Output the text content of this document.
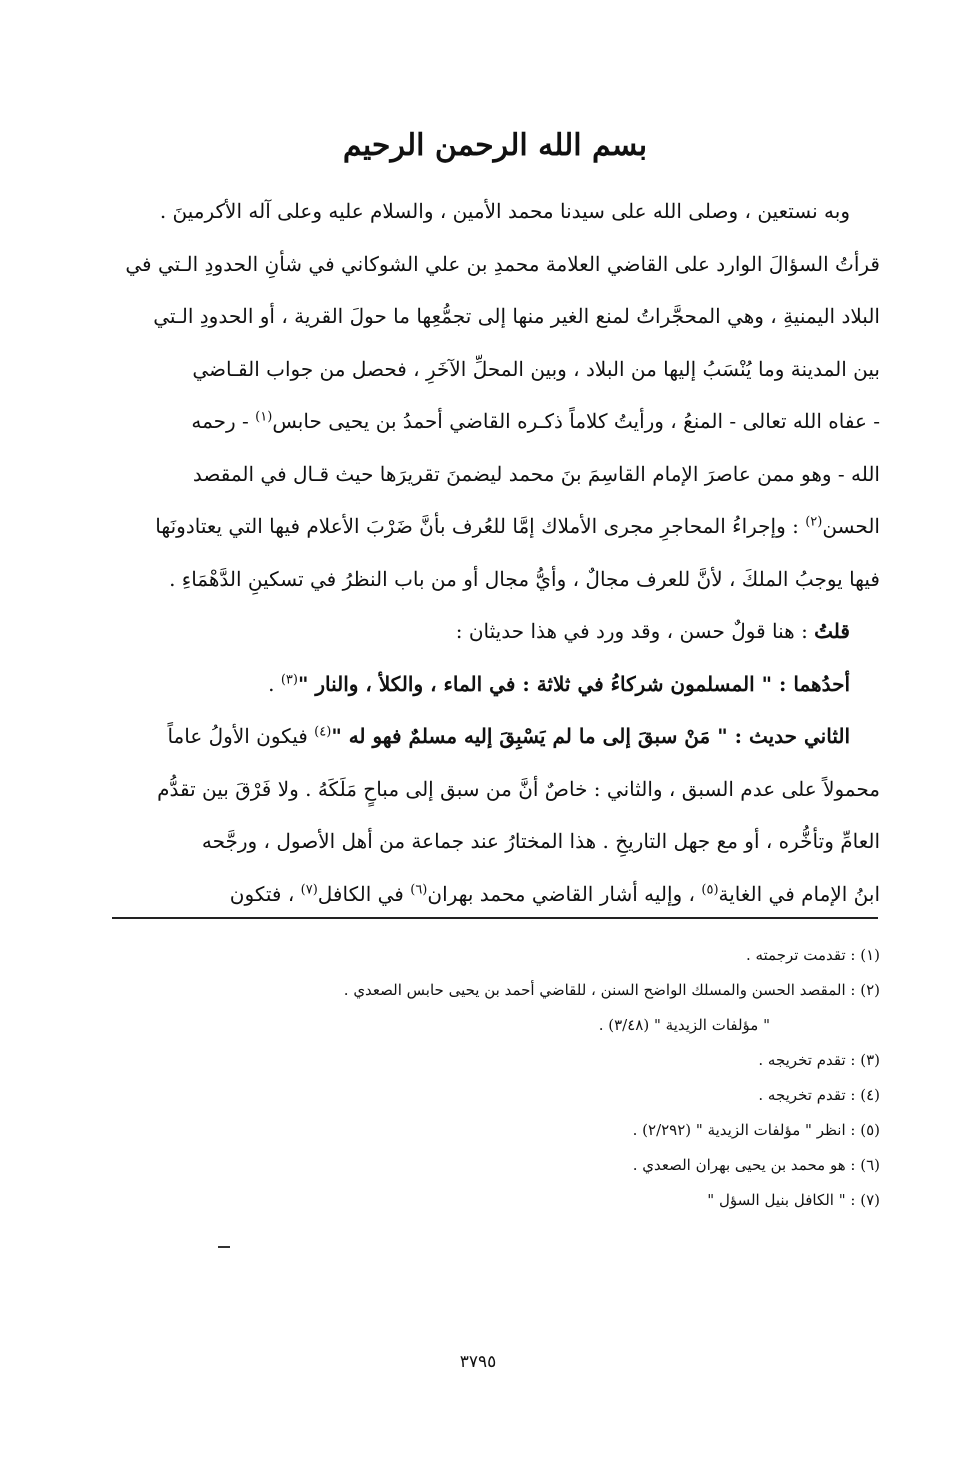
بسم الله الرحمن الرحيم

وبه نستعين ، وصلى الله على سيدنا محمد الأمين ، والسلام عليه وعلى آله الأكرمينَ .

قرأتُ السؤالَ الوارد على القاضي العلامة محمدِ بن علي الشوكاني في شأنِ الحدودِ الـتي في

البلاد اليمنيةِ ، وهي المحجَّراتُ لمنع الغير منها إلى تجمُّعِها ما حولَ القرية ، أو الحدودِ الـتي

بين المدينة وما يُنْسَبُ إليها من البلاد ، وبين المحلِّ الآخَرِ ، فحصل من جواب القـاضي

- عفاه الله تعالى - المنعُ ، ورأيتُ كلاماً ذكـره القاضي أحمدُ بن يحيى حابس$^{(١)}$ - رحمه

الله - وهو ممن عاصرَ الإمام القاسِمَ بنَ محمد ليضمنَ تقريرَها حيث قـال في المقصد

الحسن$^{(٢)}$ : وإجراءُ المحاجرِ مجرى الأملاك إمَّا للعُرف بأنَّ ضَرْبَ الأعلام فيها التي يعتادونَها

فيها يوجبُ الملكَ ، لأنَّ للعرف مجالٌ ، وأيُّ مجال أو من باب النظرُ في تسكينِ الدَّهْمَاءِ .

قلتُ : هنا قولٌ حسن ، وقد ورد في هذا حديثان :

أحدُهما : " المسلمون شركاءُ في ثلاثة : في الماء ، والكلأ ، والنار "$^{(٣)}$ .

الثاني حديث : " مَنْ سبقَ إلى ما لم يَسْبِقَ إليه مسلمٌ فهو له "$^{(٤)}$ فيكون الأولُ عاماً

محمولاً على عدم السبق ، والثاني : خاصٌ أنَّ من سبق إلى مباحٍ مَلَكَهُ . ولا فَرْقَ بين تقدُّم

العامِّ وتأخُّره ، أو مع جهل التاريخِ . هذا المختارُ عند جماعة من أهل الأصول ، ورجَّحه

ابنُ الإمام في الغاية$^{(٥)}$ ، وإليه أشار القاضي محمد بهران$^{(٦)}$ في الكافل$^{(٧)}$ ، فتكون

(١) : تقدمت ترجمته .

(٢) : المقصد الحسن والمسلك الواضح السنن ، للقاضي أحمد بن يحيى حابس الصعدي .

" مؤلفات الزيدية " (٣/٤٨) .

(٣) : تقدم تخريجه .

(٤) : تقدم تخريجه .

(٥) : انظر " مؤلفات الزيدية " (٢/٢٩٢) .

(٦) : هو محمد بن يحيى بهران الصعدي .

(٧) : " الكافل بنيل السؤل "

٣٧٩٥
